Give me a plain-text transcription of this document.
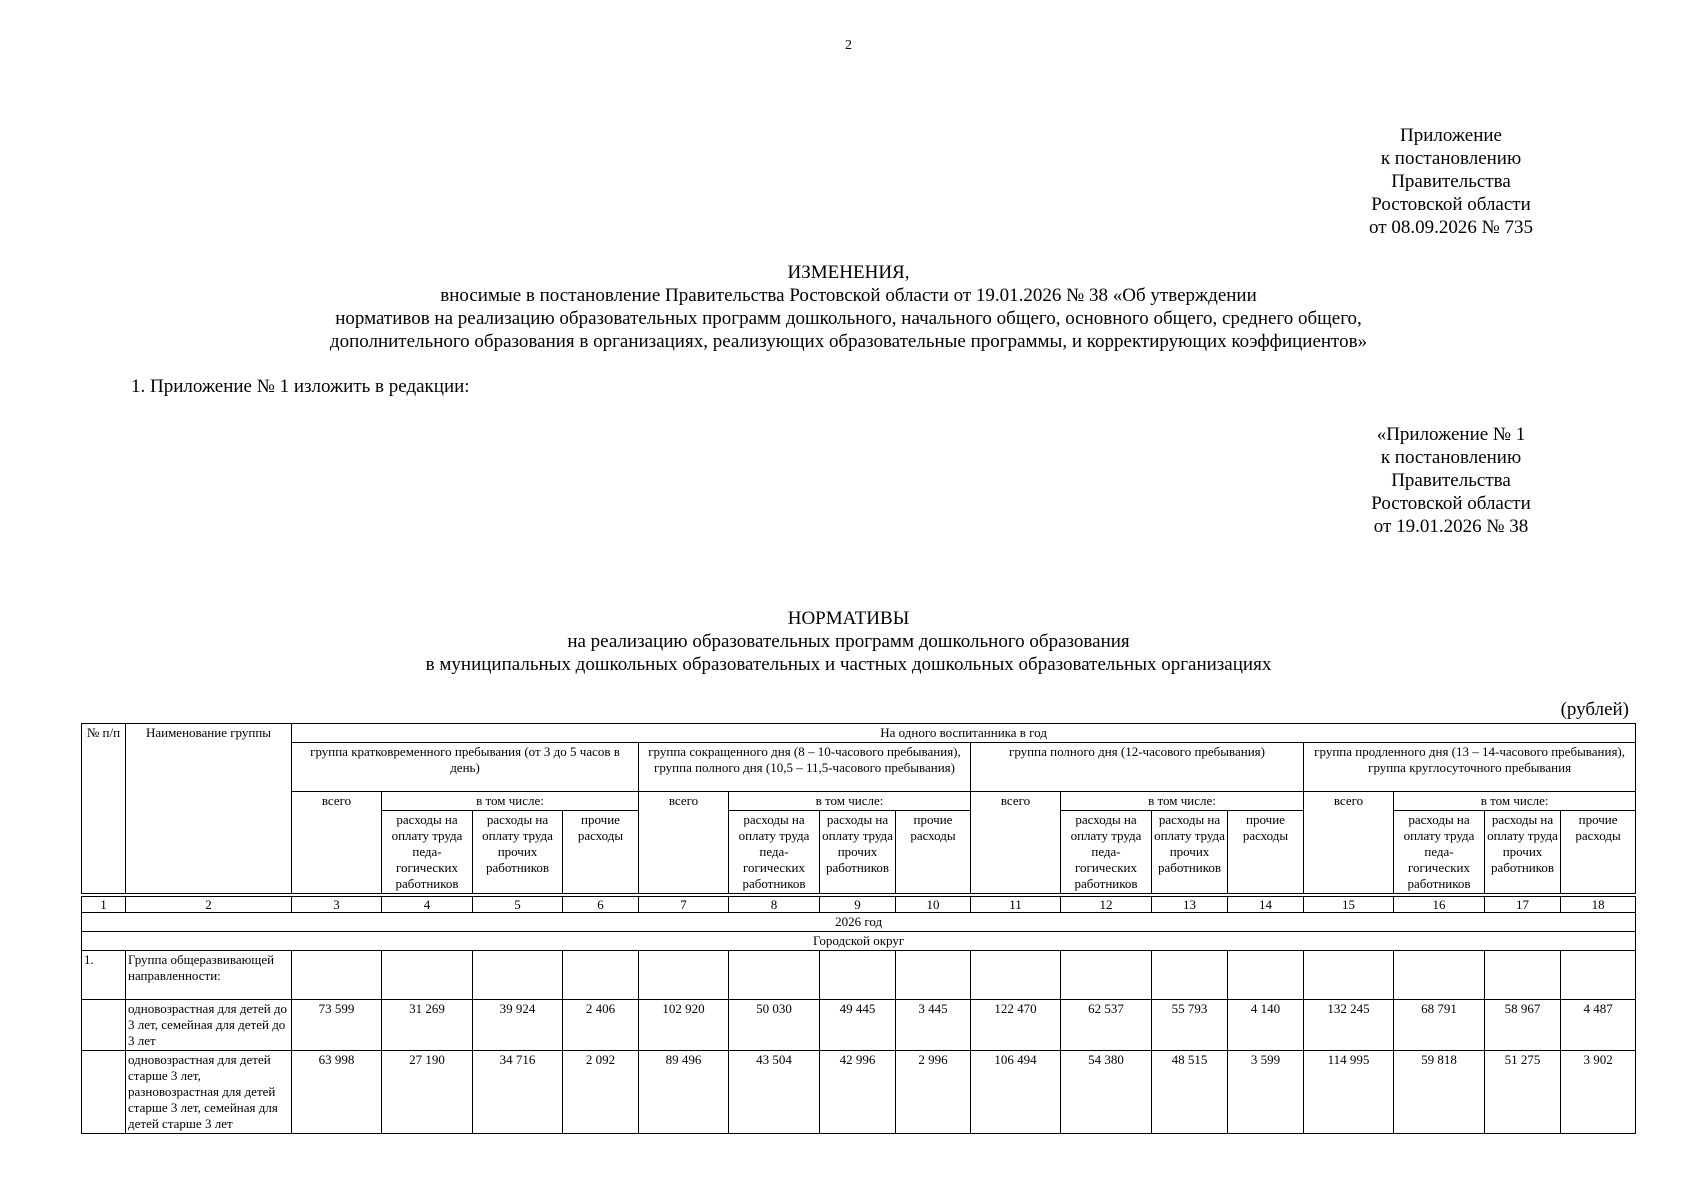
2
Приложение
к постановлению
Правительства
Ростовской области
от 08.09.2026 № 735
ИЗМЕНЕНИЯ,
вносимые в постановление Правительства Ростовской области от 19.01.2026 № 38 «Об утверждении
нормативов на реализацию образовательных программ дошкольного, начального общего, основного общего, среднего общего,
дополнительного образования в организациях, реализующих образовательные программы, и корректирующих коэффициентов»
1. Приложение № 1 изложить в редакции:
«Приложение № 1
к постановлению
Правительства
Ростовской области
от 19.01.2026 № 38
НОРМАТИВЫ
на реализацию образовательных программ дошкольного образования
в муниципальных дошкольных образовательных и частных дошкольных образовательных организациях
(рублей)
№ п/п	Наименование группы	На одного воспитанника в год															
		группа кратковременного пребывания (от 3 до 5 часов в день)				группа сокращенного дня (8 – 10-часового пребывания), группа полного дня (10,5 – 11,5-часового пребывания)				группа полного дня (12-часового пребывания)				группа продленного дня (13 – 14-часового пребывания), группа круглосуточного пребывания			
		всего	в том числе:			всего	в том числе:			всего	в том числе:			всего	в том числе:		
			расходы на оплату труда педа-гогических работников	расходы на оплату труда прочих работников	прочие расходы		расходы на оплату труда педа-гогических работников	расходы на оплату труда прочих работников	прочие расходы		расходы на оплату труда педа-гогических работников	расходы на оплату труда прочих работников	прочие расходы		расходы на оплату труда педа-гогических работников	расходы на оплату труда прочих работников	прочие расходы

1	2	3	4	5	6	7	8	9	10	11	12	13	14	15	16	17	18
2026 год																	
Городской округ																	
1.	Группа общеразвивающей направленности:																
	одновозрастная для детей до 3 лет, семейная для детей до 3 лет	73 599	31 269	39 924	2 406	102 920	50 030	49 445	3 445	122 470	62 537	55 793	4 140	132 245	68 791	58 967	4 487
	одновозрастная для детей старше 3 лет, разновозрастная для детей старше 3 лет, семейная для детей старше 3 лет	63 998	27 190	34 716	2 092	89 496	43 504	42 996	2 996	106 494	54 380	48 515	3 599	114 995	59 818	51 275	3 902
